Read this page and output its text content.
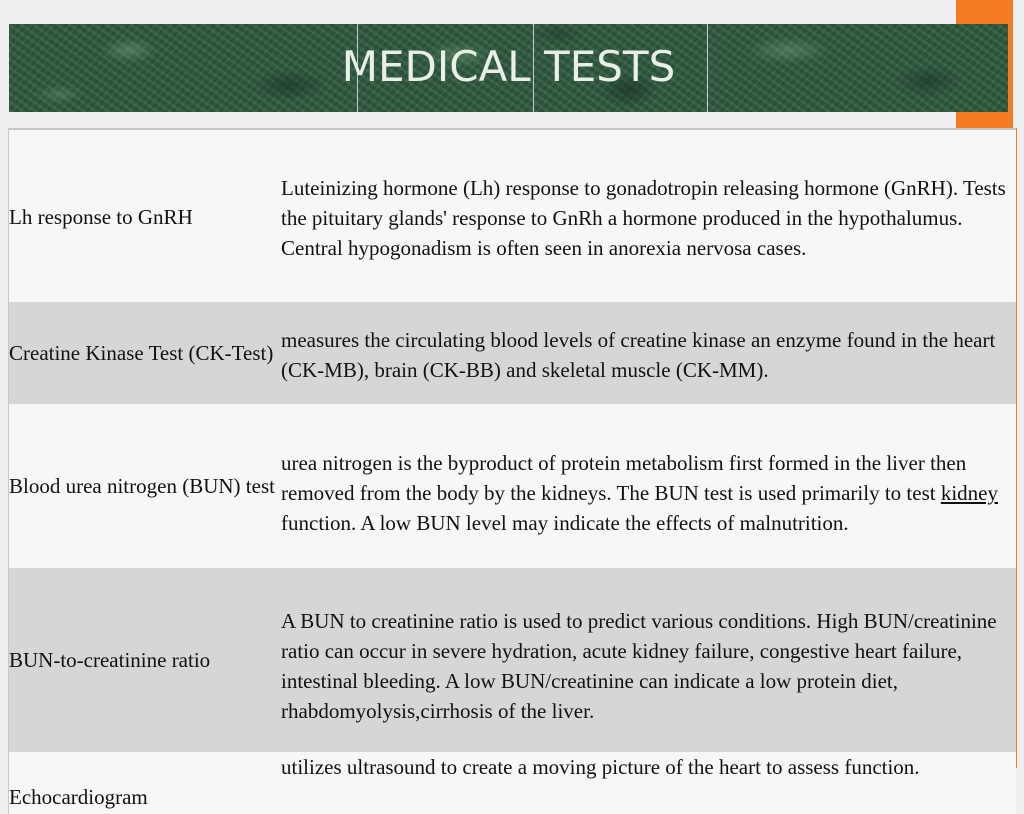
MEDICAL TESTS
Lh response to GnRH	Luteinizing hormone (Lh) response to gonadotropin releasing hormone (GnRH). Tests the pituitary glands' response to GnRh a hormone produced in the hypothalumus. Central hypogonadism is often seen in anorexia nervosa cases.
Creatine Kinase Test (CK-Test)	measures the circulating blood levels of creatine kinase an enzyme found in the heart (CK-MB), brain (CK-BB) and skeletal muscle (CK-MM).
Blood urea nitrogen (BUN) test	urea nitrogen is the byproduct of protein metabolism first formed in the liver then removed from the body by the kidneys. The BUN test is used primarily to test kidney function. A low BUN level may indicate the effects of malnutrition.
BUN-to-creatinine ratio	A BUN to creatinine ratio is used to predict various conditions. High BUN/creatinine ratio can occur in severe hydration, acute kidney failure, congestive heart failure, intestinal bleeding. A low BUN/creatinine can indicate a low protein diet, rhabdomyolysis,cirrhosis of the liver.
Echocardiogram	utilizes ultrasound to create a moving picture of the heart to assess function.
